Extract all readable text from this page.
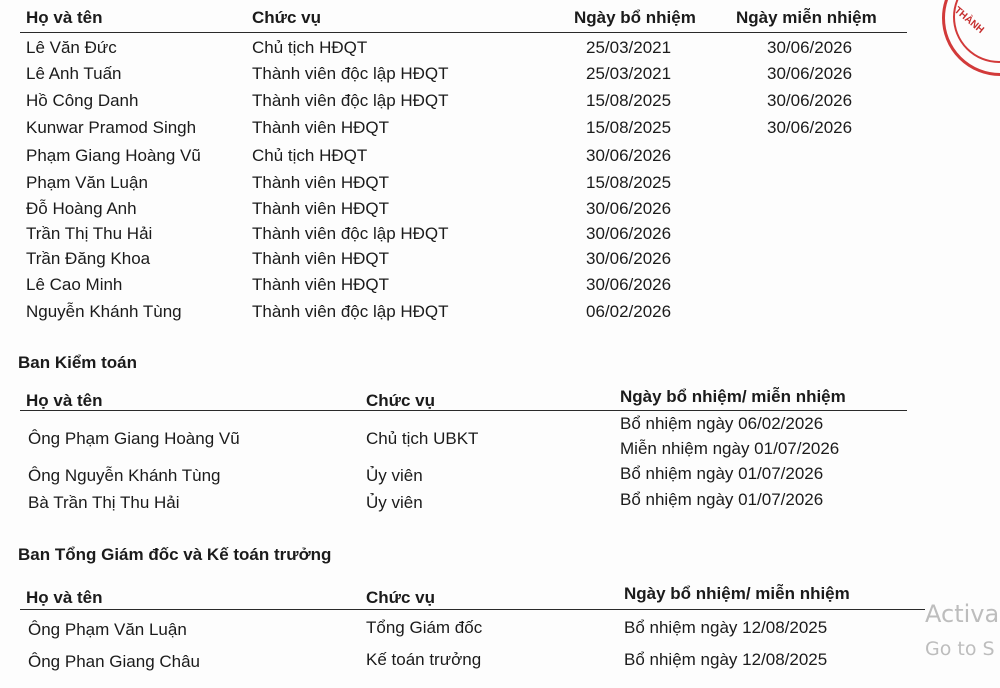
Họ và tên	Chức vụ	Ngày bổ nhiệm Ngày miễn nhiệm
Lê Văn Đức	Chủ tịch HĐQT	25/03/2021	30/06/2026
Lê Anh Tuấn	Thành viên độc lập HĐQT	25/03/2021	30/06/2026
Hồ Công Danh	Thành viên độc lập HĐQT	15/08/2025	30/06/2026
Kunwar Pramod Singh	Thành viên HĐQT	15/08/2025	30/06/2026
Phạm Giang Hoàng Vũ	Chủ tịch HĐQT	30/06/2026
Phạm Văn Luận	Thành viên HĐQT	15/08/2025
Đỗ Hoàng Anh	Thành viên HĐQT	30/06/2026
Trần Thị Thu Hải	Thành viên độc lập HĐQT	30/06/2026
Trần Đăng Khoa	Thành viên HĐQT	30/06/2026
Lê Cao Minh	Thành viên HĐQT	30/06/2026
Nguyễn Khánh Tùng	Thành viên độc lập HĐQT	06/02/2026
Ban Kiểm toán
Họ và tên	Chức vụ	Ngày bổ nhiệm/ miễn nhiệm
Ông Phạm Giang Hoàng Vũ	Chủ tịch UBKT
Bổ nhiệm ngày 06/02/2026
Miễn nhiệm ngày 01/07/2026
Ông Nguyễn Khánh Tùng	Ủy viên	Bổ nhiệm ngày 01/07/2026
Bà Trần Thị Thu Hải	Ủy viên	Bổ nhiệm ngày 01/07/2026
Ban Tổng Giám đốc và Kế toán trưởng
Họ và tên	Chức vụ	Ngày bổ nhiệm/ miễn nhiệm
Ông Phạm Văn Luận	Tổng Giám đốc	Bổ nhiệm ngày 12/08/2025
Ông Phan Giang Châu	Kế toán trưởng	Bổ nhiệm ngày 12/08/2025
THÀNH
Activa
Go to S
